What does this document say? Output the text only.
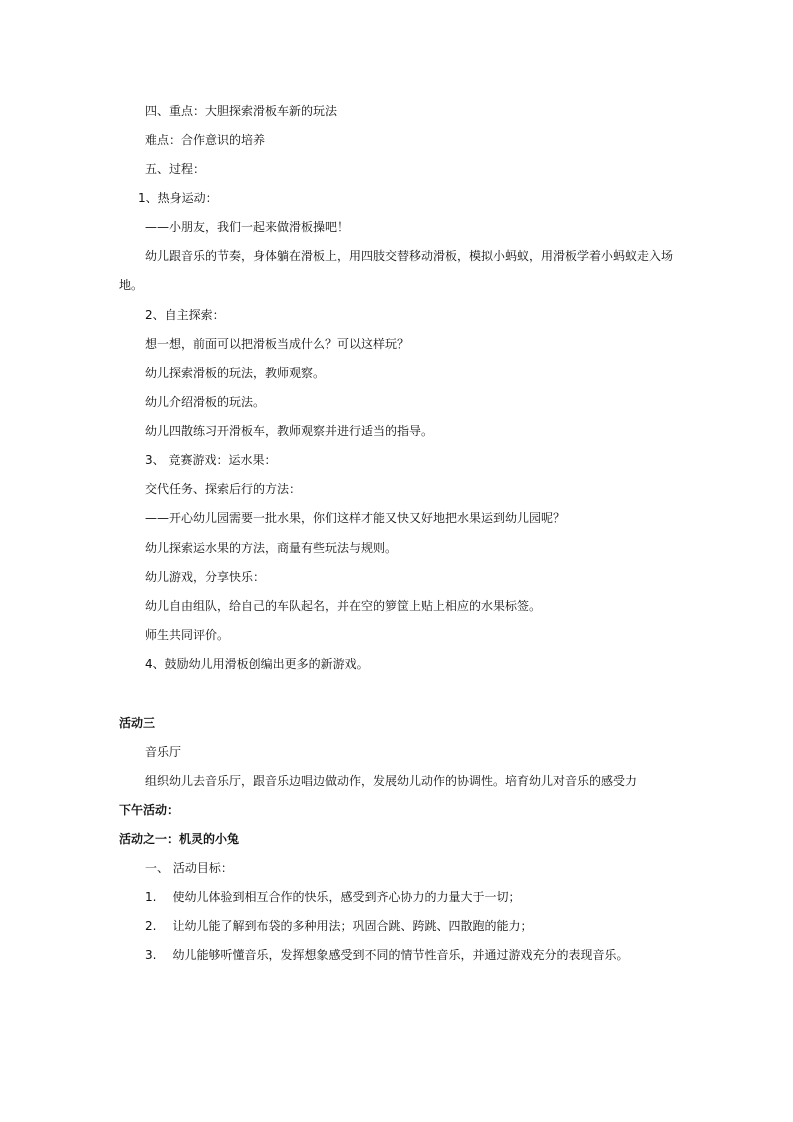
四、重点：大胆探索滑板车新的玩法
难点：合作意识的培养
五、过程：
1、热身运动：
——小朋友，我们一起来做滑板操吧！
幼儿跟音乐的节奏，身体躺在滑板上，用四肢交替移动滑板，模拟小蚂蚁，用滑板学着小蚂蚁走入场
地。
2、自主探索：
想一想，前面可以把滑板当成什么？可以这样玩？
幼儿探索滑板的玩法，教师观察。
幼儿介绍滑板的玩法。
幼儿四散练习开滑板车，教师观察并进行适当的指导。
3、 竞赛游戏：运水果：
交代任务、探索后行的方法：
——开心幼儿园需要一批水果，你们这样才能又快又好地把水果运到幼儿园呢？
幼儿探索运水果的方法，商量有些玩法与规则。
幼儿游戏，分享快乐：
幼儿自由组队，给自己的车队起名，并在空的箩筐上贴上相应的水果标签。
师生共同评价。
4、鼓励幼儿用滑板创编出更多的新游戏。
活动三
音乐厅
组织幼儿去音乐厅，跟音乐边唱边做动作，发展幼儿动作的协调性。培育幼儿对音乐的感受力
下午活动：
活动之一：机灵的小兔
一、 活动目标：
1. 使幼儿体验到相互合作的快乐，感受到齐心协力的力量大于一切；
2. 让幼儿能了解到布袋的多种用法；巩固合跳、跨跳、四散跑的能力；
3. 幼儿能够听懂音乐，发挥想象感受到不同的情节性音乐，并通过游戏充分的表现音乐。
